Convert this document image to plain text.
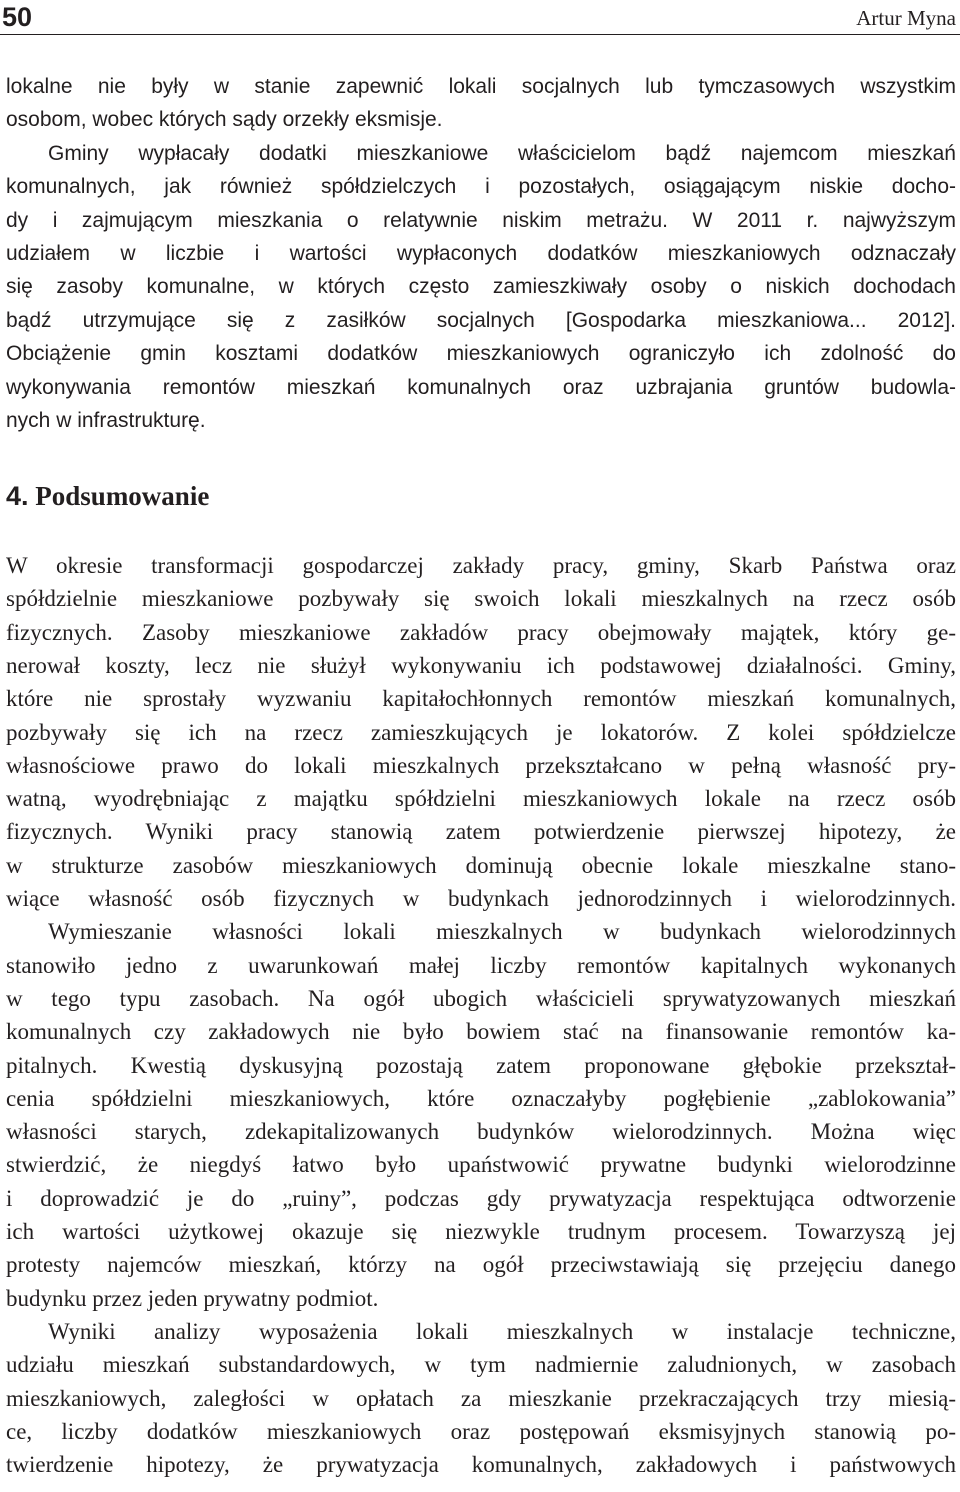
50	Artur Myna
lokalne nie były w stanie zapewnić lokali socjalnych lub tymczasowych wszystkim
osobom, wobec których sądy orzekły eksmisje.
Gminy wypłacały dodatki mieszkaniowe właścicielom bądź najemcom mieszkań
komunalnych, jak również spółdzielczych i pozostałych, osiągającym niskie docho-
dy i zajmującym mieszkania o relatywnie niskim metrażu. W 2011 r. najwyższym
udziałem w liczbie i wartości wypłaconych dodatków mieszkaniowych odznaczały
się zasoby komunalne, w których często zamieszkiwały osoby o niskich dochodach
bądź utrzymujące się z zasiłków socjalnych [Gospodarka mieszkaniowa... 2012].
Obciążenie gmin kosztami dodatków mieszkaniowych ograniczyło ich zdolność do
wykonywania remontów mieszkań komunalnych oraz uzbrajania gruntów budowla-
nych w infrastrukturę.
W okresie transformacji gospodarczej zakłady pracy, gminy, Skarb Państwa oraz
spółdzielnie mieszkaniowe pozbywały się swoich lokali mieszkalnych na rzecz osób
fizycznych. Zasoby mieszkaniowe zakładów pracy obejmowały majątek, który ge-
nerował koszty, lecz nie służył wykonywaniu ich podstawowej działalności. Gminy,
które nie sprostały wyzwaniu kapitałochłonnych remontów mieszkań komunalnych,
pozbywały się ich na rzecz zamieszkujących je lokatorów. Z kolei spółdzielcze
własnościowe prawo do lokali mieszkalnych przekształcano w pełną własność pry-
watną, wyodrębniając z majątku spółdzielni mieszkaniowych lokale na rzecz osób
fizycznych. Wyniki pracy stanowią zatem potwierdzenie pierwszej hipotezy, że
w strukturze zasobów mieszkaniowych dominują obecnie lokale mieszkalne stano-
wiące własność osób fizycznych w budynkach jednorodzinnych i wielorodzinnych.
Wymieszanie własności lokali mieszkalnych w budynkach wielorodzinnych
stanowiło jedno z uwarunkowań małej liczby remontów kapitalnych wykonanych
w tego typu zasobach. Na ogół ubogich właścicieli sprywatyzowanych mieszkań
komunalnych czy zakładowych nie było bowiem stać na finansowanie remontów ka-
pitalnych. Kwestią dyskusyjną pozostają zatem proponowane głębokie przekształ-
cenia spółdzielni mieszkaniowych, które oznaczałyby pogłębienie „zablokowania”
własności starych, zdekapitalizowanych budynków wielorodzinnych. Można więc
stwierdzić, że niegdyś łatwo było upaństwowić prywatne budynki wielorodzinne
i doprowadzić je do „ruiny”, podczas gdy prywatyzacja respektująca odtworzenie
ich wartości użytkowej okazuje się niezwykle trudnym procesem. Towarzyszą jej
protesty najemców mieszkań, którzy na ogół przeciwstawiają się przejęciu danego
budynku przez jeden prywatny podmiot.
Wyniki analizy wyposażenia lokali mieszkalnych w instalacje techniczne,
udziału mieszkań substandardowych, w tym nadmiernie zaludnionych, w zasobach
mieszkaniowych, zaległości w opłatach za mieszkanie przekraczających trzy miesią-
ce, liczby dodatków mieszkaniowych oraz postępowań eksmisyjnych stanowią po-
twierdzenie hipotezy, że prywatyzacja komunalnych, zakładowych i państwowych
4. Podsumowanie
